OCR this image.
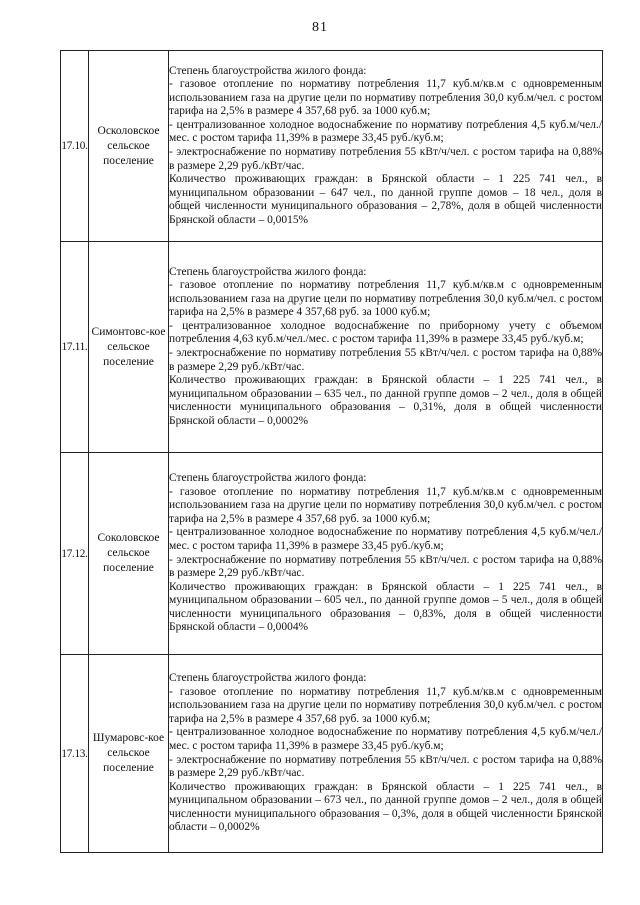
81
17.10.	Осколовское сельское поселение	Степень благоустройства жилого фонда:

- газовое отопление по нормативу потребления 11,7 куб.м/кв.м с одновременным использованием газа на другие цели по нормативу потребления 30,0 куб.м/чел. с ростом тарифа на 2,5% в размере 4 357,68 руб. за 1000 куб.м;

- централизованное холодное водоснабжение по нормативу потребления 4,5 куб.м/чел./мес. с ростом тарифа 11,39% в размере 33,45 руб./куб.м;

- электроснабжение по нормативу потребления 55 кВт/ч/чел. с ростом тарифа на 0,88% в размере 2,29 руб./кВт/час.

Количество проживающих граждан: в Брянской области – 1 225 741 чел., в муниципальном образовании – 647 чел., по данной группе домов – 18 чел., доля в общей численности муниципального образования – 2,78%, доля в общей численности Брянской области – 0,0015%

17.11.	Симонтовс-кое сельское поселение	Степень благоустройства жилого фонда:

- газовое отопление по нормативу потребления 11,7 куб.м/кв.м с одновременным использованием газа на другие цели по нормативу потребления 30,0 куб.м/чел. с ростом тарифа на 2,5% в размере 4 357,68 руб. за 1000 куб.м;

- централизованное холодное водоснабжение по приборному учету с объемом потребления 4,63 куб.м/чел./мес. с ростом тарифа 11,39% в размере 33,45 руб./куб.м;

- электроснабжение по нормативу потребления 55 кВт/ч/чел. с ростом тарифа на 0,88% в размере 2,29 руб./кВт/час.

Количество проживающих граждан: в Брянской области – 1 225 741 чел., в муниципальном образовании – 635 чел., по данной группе домов – 2 чел., доля в общей численности муниципального образования – 0,31%, доля в общей численности Брянской области – 0,0002%

17.12.	Соколовское сельское поселение	Степень благоустройства жилого фонда:

- газовое отопление по нормативу потребления 11,7 куб.м/кв.м с одновременным использованием газа на другие цели по нормативу потребления 30,0 куб.м/чел. с ростом тарифа на 2,5% в размере 4 357,68 руб. за 1000 куб.м;

- централизованное холодное водоснабжение по нормативу потребления 4,5 куб.м/чел./мес. с ростом тарифа 11,39% в размере 33,45 руб./куб.м;

- электроснабжение по нормативу потребления 55 кВт/ч/чел. с ростом тарифа на 0,88% в размере 2,29 руб./кВт/час.

Количество проживающих граждан: в Брянской области – 1 225 741 чел., в муниципальном образовании – 605 чел., по данной группе домов – 5 чел., доля в общей численности муниципального образования – 0,83%, доля в общей численности Брянской области – 0,0004%

17.13.	Шумаровс-кое сельское поселение	Степень благоустройства жилого фонда:

- газовое отопление по нормативу потребления 11,7 куб.м/кв.м с одновременным использованием газа на другие цели по нормативу потребления 30,0 куб.м/чел. с ростом тарифа на 2,5% в размере 4 357,68 руб. за 1000 куб.м;

- централизованное холодное водоснабжение по нормативу потребления 4,5 куб.м/чел./мес. с ростом тарифа 11,39% в размере 33,45 руб./куб.м;

- электроснабжение по нормативу потребления 55 кВт/ч/чел. с ростом тарифа на 0,88% в размере 2,29 руб./кВт/час.

Количество проживающих граждан: в Брянской области – 1 225 741 чел., в муниципальном образовании – 673 чел., по данной группе домов – 2 чел., доля в общей численности муниципального образования – 0,3%, доля в общей численности Брянской области – 0,0002%
